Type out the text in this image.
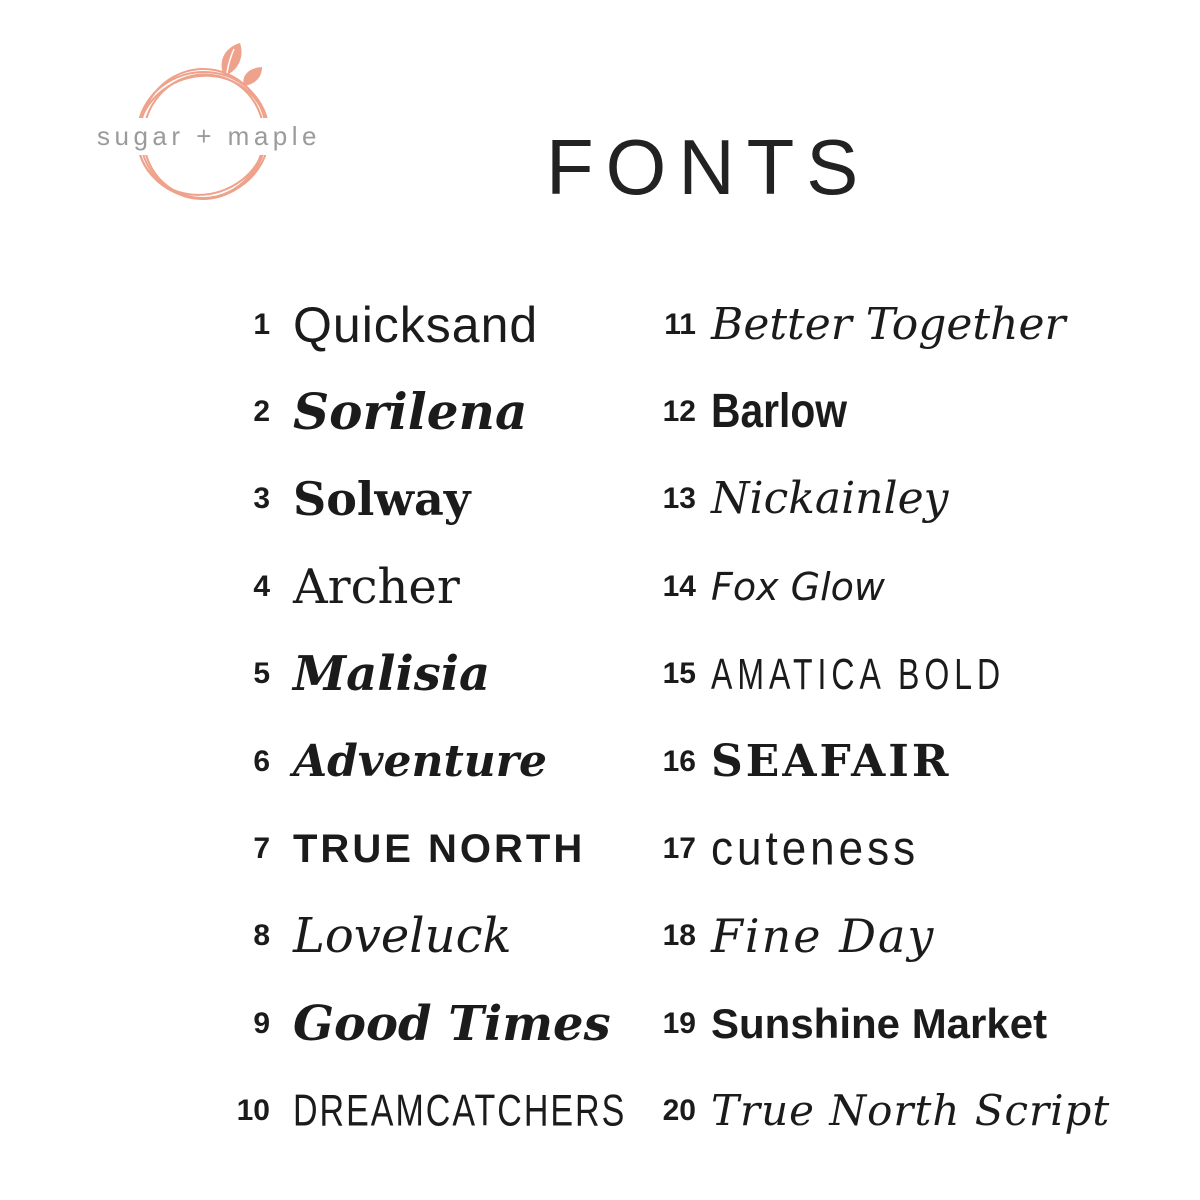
sugar + maple	FONTS
1 Quicksand
2 Sorilena
3 Solway
4 Archer
5 Malisia
6 Adventure
7 TRUE NORTH
8 Loveluck
9 Good Times
10 DREAMCATCHERS
11 Better Together
12 Barlow
13 Nickainley
14 Fox Glow
15 AMATICA BOLD
16 SEAFAIR
17 cuteness
18 Fine Day
19 Sunshine Market
20 True North Script
